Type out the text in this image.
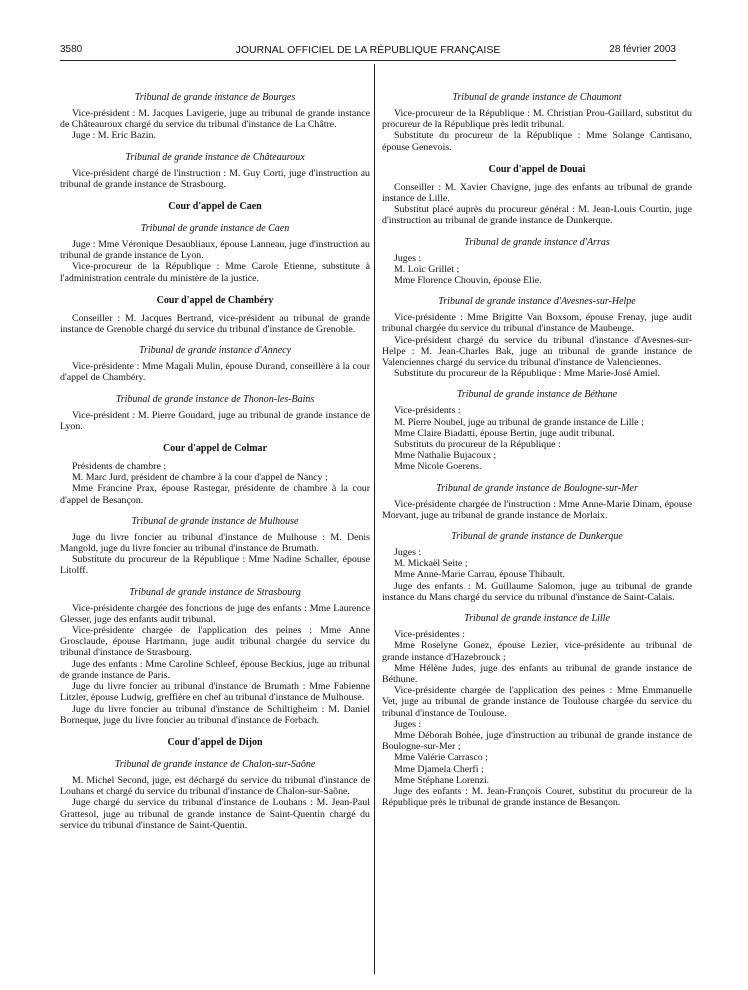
3580	JOURNAL OFFICIEL DE LA RÉPUBLIQUE FRANÇAISE	28 février 2003
Tribunal de grande instance de Bourges

Vice-président : M. Jacques Lavigerie, juge au tribunal de grande instance de Châteauroux chargé du service du tribunal d'instance de La Châtre.

Juge : M. Eric Bazin.

Tribunal de grande instance de Châteauroux

Vice-président chargé de l'instruction : M. Guy Corti, juge d'instruction au tribunal de grande instance de Strasbourg.

Cour d'appel de Caen
Tribunal de grande instance de Caen

Juge : Mme Véronique Desaubliaux, épouse Lanneau, juge d'instruction au tribunal de grande instance de Lyon.

Vice-procureur de la République : Mme Carole Etienne, substitute à l'administration centrale du ministère de la justice.

Cour d'appel de Chambéry

Conseiller : M. Jacques Bertrand, vice-président au tribunal de grande instance de Grenoble chargé du service du tribunal d'instance de Grenoble.

Tribunal de grande instance d'Annecy

Vice-présidente : Mme Magali Mulin, épouse Durand, conseillère à la cour d'appel de Chambéry.

Tribunal de grande instance de Thonon-les-Bains

Vice-président : M. Pierre Goudard, juge au tribunal de grande instance de Lyon.

Cour d'appel de Colmar

Présidents de chambre :

M. Marc Jurd, président de chambre à la cour d'appel de Nancy ;

Mme Francine Prax, épouse Rastegar, présidente de chambre à la cour d'appel de Besançon.

Tribunal de grande instance de Mulhouse

Juge du livre foncier au tribunal d'instance de Mulhouse : M. Denis Mangold, juge du livre foncier au tribunal d'instance de Brumath.

Substitute du procureur de la République : Mme Nadine Schaller, épouse Litolff.

Tribunal de grande instance de Strasbourg

Vice-présidente chargée des fonctions de juge des enfants : Mme Laurence Glesser, juge des enfants audit tribunal.

Vice-présidente chargée de l'application des peines : Mme Anne Grosclaude, épouse Hartmann, juge audit tribunal chargée du service du tribunal d'instance de Strasbourg.

Juge des enfants : Mme Caroline Schleef, épouse Beckius, juge au tribunal de grande instance de Paris.

Juge du livre foncier au tribunal d'instance de Brumath : Mme Fabienne Litzler, épouse Ludwig, greffière en chef au tribunal d'instance de Mulhouse.

Juge du livre foncier au tribunal d'instance de Schiltigheim : M. Daniel Borneque, juge du livre foncier au tribunal d'instance de Forbach.

Cour d'appel de Dijon
Tribunal de grande instance de Chalon-sur-Saône

M. Michel Second, juge, est déchargé du service du tribunal d'instance de Louhans et chargé du service du tribunal d'instance de Chalon-sur-Saône.

Juge chargé du service du tribunal d'instance de Louhans : M. Jean-Paul Grattesol, juge au tribunal de grande instance de Saint-Quentin chargé du service du tribunal d'instance de Saint-Quentin.

Tribunal de grande instance de Chaumont

Vice-procureur de la République : M. Christian Prou-Gaillard, substitut du procureur de la République près ledit tribunal.

Substitute du procureur de la République : Mme Solange Cantisano, épouse Genevois.

Cour d'appel de Douai

Conseiller : M. Xavier Chavigne, juge des enfants au tribunal de grande instance de Lille.

Substitut placé auprès du procureur général : M. Jean-Louis Courtin, juge d'instruction au tribunal de grande instance de Dunkerque.

Tribunal de grande instance d'Arras

Juges :

M. Loïc Grillet ;

Mme Florence Chouvin, épouse Elie.

Tribunal de grande instance d'Avesnes-sur-Helpe

Vice-présidente : Mme Brigitte Van Boxsom, épouse Frenay, juge audit tribunal chargée du service du tribunal d'instance de Maubeuge.

Vice-président chargé du service du tribunal d'instance d'Avesnes-sur-Helpe : M. Jean-Charles Bak, juge au tribunal de grande instance de Valenciennes chargé du service du tribunal d'instance de Valenciennes.

Substitute du procureur de la République : Mme Marie-José Amiel.

Tribunal de grande instance de Béthune

Vice-présidents :

M. Pierre Noubel, juge au tribunal de grande instance de Lille ;

Mme Claire Biadatti, épouse Bertin, juge audit tribunal.

Substituts du procureur de la République :

Mme Nathalie Bujacoux ;

Mme Nicole Goerens.

Tribunal de grande instance de Boulogne-sur-Mer

Vice-présidente chargée de l'instruction : Mme Anne-Marie Dinam, épouse Morvant, juge au tribunal de grande instance de Morlaix.

Tribunal de grande instance de Dunkerque

Juges :

M. Mickaël Seite ;

Mme Anne-Marie Carrau, épouse Thibault.

Juge des enfants : M. Guillaume Salomon, juge au tribunal de grande instance du Mans chargé du service du tribunal d'instance de Saint-Calais.

Tribunal de grande instance de Lille

Vice-présidentes :

Mme Roselyne Gonez, épouse Lezier, vice-présidente au tribunal de grande instance d'Hazebrouck ;

Mme Hélène Judes, juge des enfants au tribunal de grande instance de Béthune.

Vice-présidente chargée de l'application des peines : Mme Emmanuelle Vet, juge au tribunal de grande instance de Toulouse chargée du service du tribunal d'instance de Toulouse.

Juges :

Mme Déborah Bohée, juge d'instruction au tribunal de grande instance de Boulogne-sur-Mer ;

Mme Valérie Carrasco ;

Mme Djamela Cherfi ;

Mme Stéphane Lorenzi.

Juge des enfants : M. Jean-François Couret, substitut du procureur de la République près le tribunal de grande instance de Besançon.
